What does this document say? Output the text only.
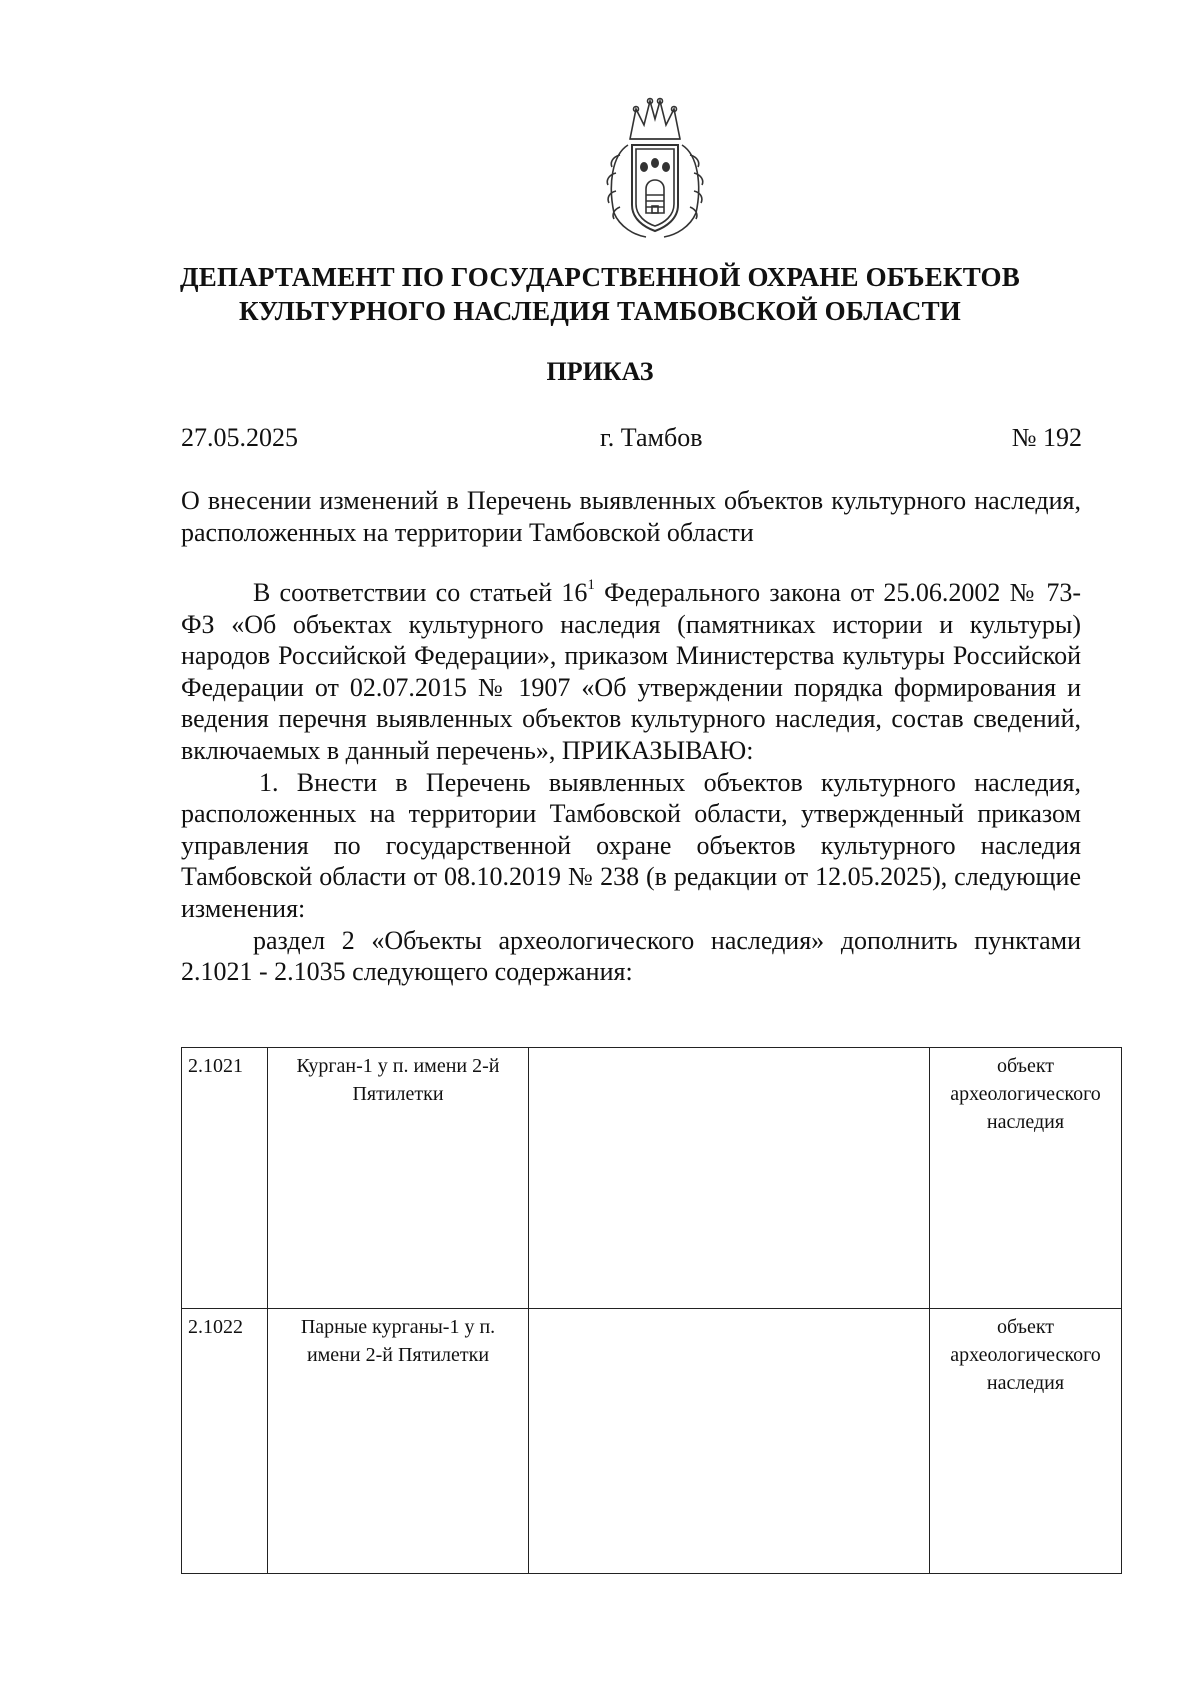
ДЕПАРТАМЕНТ ПО ГОСУДАРСТВЕННОЙ ОХРАНЕ ОБЪЕКТОВ
КУЛЬТУРНОГО НАСЛЕДИЯ ТАМБОВСКОЙ ОБЛАСТИ
ПРИКАЗ
27.05.2025	г. Тамбов	№ 192
О внесении изменений в Перечень выявленных объектов культурного наследия, расположенных на территории Тамбовской области

В соответствии со статьей $16^1$ Федерального закона от 25.06.2002 № 73-ФЗ «Об объектах культурного наследия (памятниках истории и культуры) народов Российской Федерации», приказом Министерства культуры Российской Федерации от 02.07.2015 № 1907 «Об утверждении порядка формирования и ведения перечня выявленных объектов культурного наследия, состав сведений, включаемых в данный перечень», ПРИКАЗЫВАЮ:

1. Внести в Перечень выявленных объектов культурного наследия, расположенных на территории Тамбовской области, утвержденный приказом управления по государственной охране объектов культурного наследия Тамбовской области от 08.10.2019 № 238 (в редакции от 12.05.2025), следующие изменения:

раздел 2 «Объекты археологического наследия» дополнить пунктами 2.1021 - 2.1035 следующего содержания:

2.1021	Курган-1 у п. имени 2-й Пятилетки		объект археологического наследия
2.1022	Парные курганы-1 у п. имени 2-й Пятилетки		объект археологического наследия
